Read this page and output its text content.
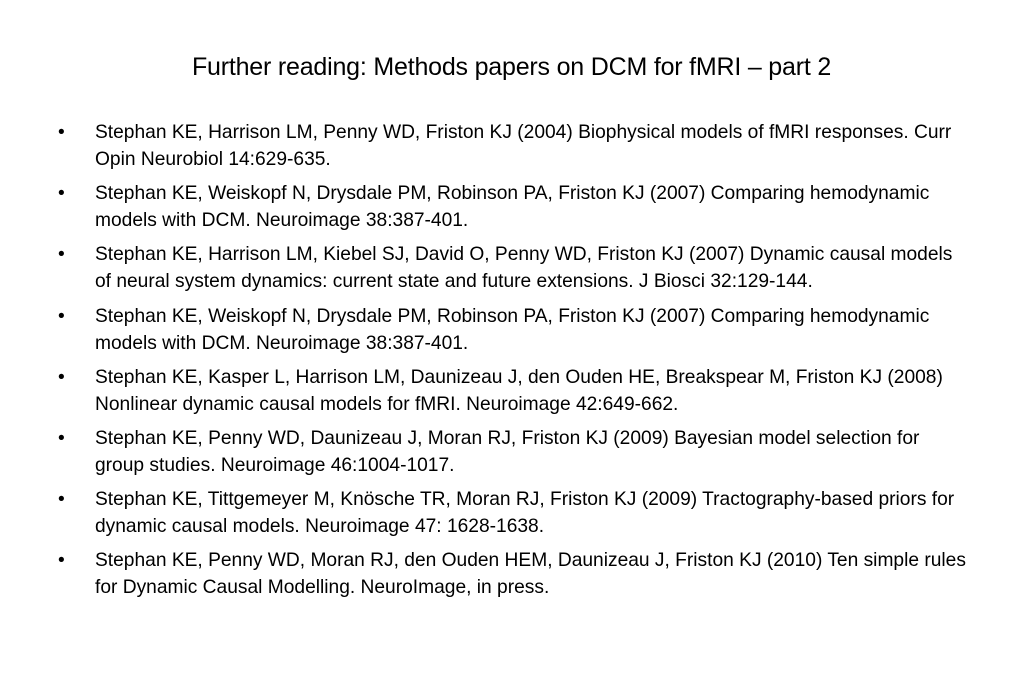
Further reading: Methods papers on DCM for fMRI – part 2
• Stephan KE, Harrison LM, Penny WD, Friston KJ (2004) Biophysical models of fMRI responses. Curr Opin Neurobiol 14:629-635.
• Stephan KE, Weiskopf N, Drysdale PM, Robinson PA, Friston KJ (2007) Comparing hemodynamic models with DCM. Neuroimage 38:387-401.
• Stephan KE, Harrison LM, Kiebel SJ, David O, Penny WD, Friston KJ (2007) Dynamic causal models of neural system dynamics: current state and future extensions. J Biosci 32:129-144.
• Stephan KE, Weiskopf N, Drysdale PM, Robinson PA, Friston KJ (2007) Comparing hemodynamic models with DCM. Neuroimage 38:387-401.
• Stephan KE, Kasper L, Harrison LM, Daunizeau J, den Ouden HE, Breakspear M, Friston KJ (2008) Nonlinear dynamic causal models for fMRI. Neuroimage 42:649-662.
• Stephan KE, Penny WD, Daunizeau J, Moran RJ, Friston KJ (2009) Bayesian model selection for group studies. Neuroimage 46:1004-1017.
• Stephan KE, Tittgemeyer M, Knösche TR, Moran RJ, Friston KJ (2009) Tractography-based priors for dynamic causal models. Neuroimage 47: 1628-1638.
• Stephan KE, Penny WD, Moran RJ, den Ouden HEM, Daunizeau J, Friston KJ (2010) Ten simple rules for Dynamic Causal Modelling. NeuroImage, in press.
